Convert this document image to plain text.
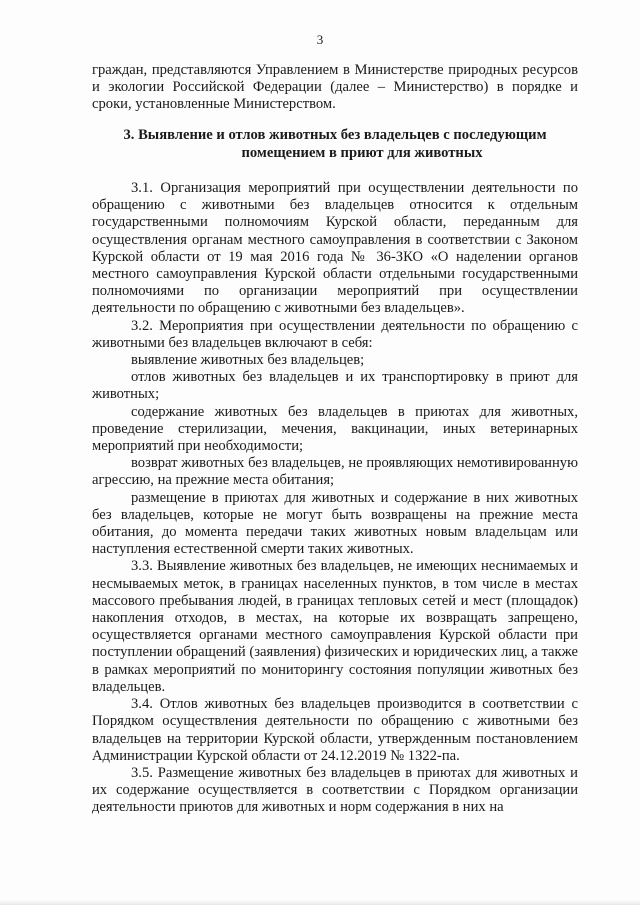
3

граждан, представляются Управлением в Министерстве природных ресурсов и экологии Российской Федерации (далее – Министерство) в порядке и сроки, установленные Министерством.

3. Выявление и отлов животных без владельцев с последующим
помещением в приют для животных

3.1. Организация мероприятий при осуществлении деятельности по обращению с животными без владельцев относится к отдельным государственными полномочиям Курской области, переданным для осуществления органам местного самоуправления в соответствии с Законом Курской области от 19 мая 2016 года № 36-ЗКО «О наделении органов местного самоуправления Курской области отдельными государственными полномочиями по организации мероприятий при осуществлении деятельности по обращению с животными без владельцев».

3.2. Мероприятия при осуществлении деятельности по обращению с животными без владельцев включают в себя:

выявление животных без владельцев;

отлов животных без владельцев и их транспортировку в приют для животных;

содержание животных без владельцев в приютах для животных, проведение стерилизации, мечения, вакцинации, иных ветеринарных мероприятий при необходимости;

возврат животных без владельцев, не проявляющих немотивированную агрессию, на прежние места обитания;

размещение в приютах для животных и содержание в них животных без владельцев, которые не могут быть возвращены на прежние места обитания, до момента передачи таких животных новым владельцам или наступления естественной смерти таких животных.

3.3. Выявление животных без владельцев, не имеющих неснимаемых и несмываемых меток, в границах населенных пунктов, в том числе в местах массового пребывания людей, в границах тепловых сетей и мест (площадок) накопления отходов, в местах, на которые их возвращать запрещено, осуществляется органами местного самоуправления Курской области при поступлении обращений (заявления) физических и юридических лиц, а также в рамках мероприятий по мониторингу состояния популяции животных без владельцев.

3.4. Отлов животных без владельцев производится в соответствии с Порядком осуществления деятельности по обращению с животными без владельцев на территории Курской области, утвержденным постановлением Администрации Курской области от 24.12.2019 № 1322-па.

3.5. Размещение животных без владельцев в приютах для животных и их содержание осуществляется в соответствии с Порядком организации деятельности приютов для животных и норм содержания в них на
